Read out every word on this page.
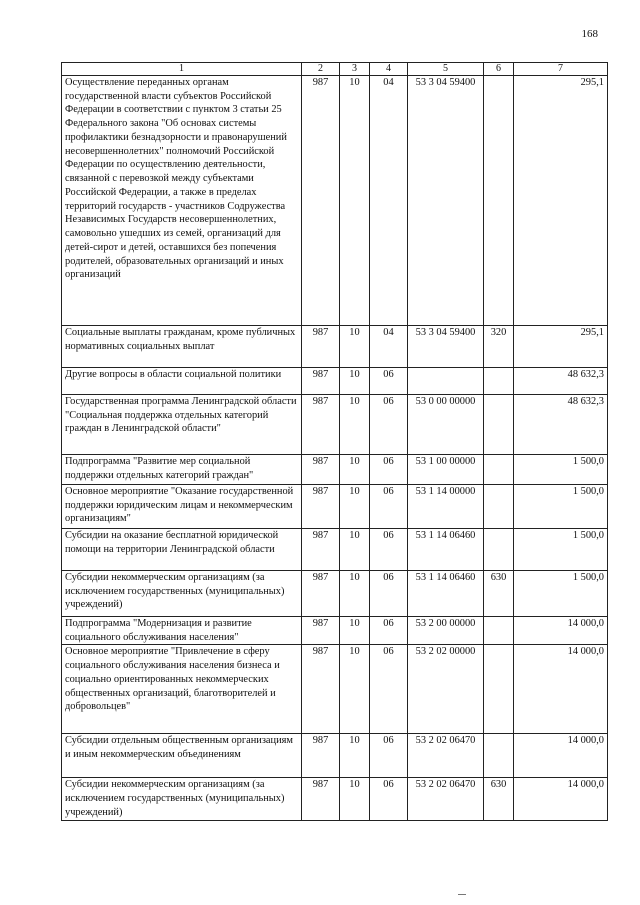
168
1	2	3	4	5	6	7
Осуществление переданных органам государственной власти субъектов Российской Федерации в соответствии с пунктом 3 статьи 25 Федерального закона "Об основах системы профилактики безнадзорности и правонарушений несовершеннолетних" полномочий Российской Федерации по осуществлению деятельности, связанной с перевозкой между субъектами Российской Федерации, а также в пределах территорий государств - участников Содружества Независимых Государств несовершеннолетних, самовольно ушедших из семей, организаций для детей-сирот и детей, оставшихся без попечения родителей, образовательных организаций и иных организаций	987	10	04	53 3 04 59400		295,1
Социальные выплаты гражданам, кроме публичных нормативных социальных выплат	987	10	04	53 3 04 59400	320	295,1
Другие вопросы в области социальной политики	987	10	06			48 632,3
Государственная программа Ленинградской области "Социальная поддержка отдельных категорий граждан в Ленинградской области"	987	10	06	53 0 00 00000		48 632,3
Подпрограмма "Развитие мер социальной поддержки отдельных категорий граждан"	987	10	06	53 1 00 00000		1 500,0
Основное мероприятие "Оказание государственной поддержки юридическим лицам и некоммерческим организациям"	987	10	06	53 1 14 00000		1 500,0
Субсидии на оказание бесплатной юридической помощи на территории Ленинградской области	987	10	06	53 1 14 06460		1 500,0
Субсидии некоммерческим организациям (за исключением государственных (муниципальных) учреждений)	987	10	06	53 1 14 06460	630	1 500,0
Подпрограмма "Модернизация и развитие социального обслуживания населения"	987	10	06	53 2 00 00000		14 000,0
Основное мероприятие "Привлечение в сферу социального обслуживания населения бизнеса и социально ориентированных некоммерческих общественных организаций, благотворителей и добровольцев"	987	10	06	53 2 02 00000		14 000,0
Субсидии отдельным общественным организациям и иным некоммерческим объединениям	987	10	06	53 2 02 06470		14 000,0
Субсидии некоммерческим организациям (за исключением государственных (муниципальных) учреждений)	987	10	06	53 2 02 06470	630	14 000,0
